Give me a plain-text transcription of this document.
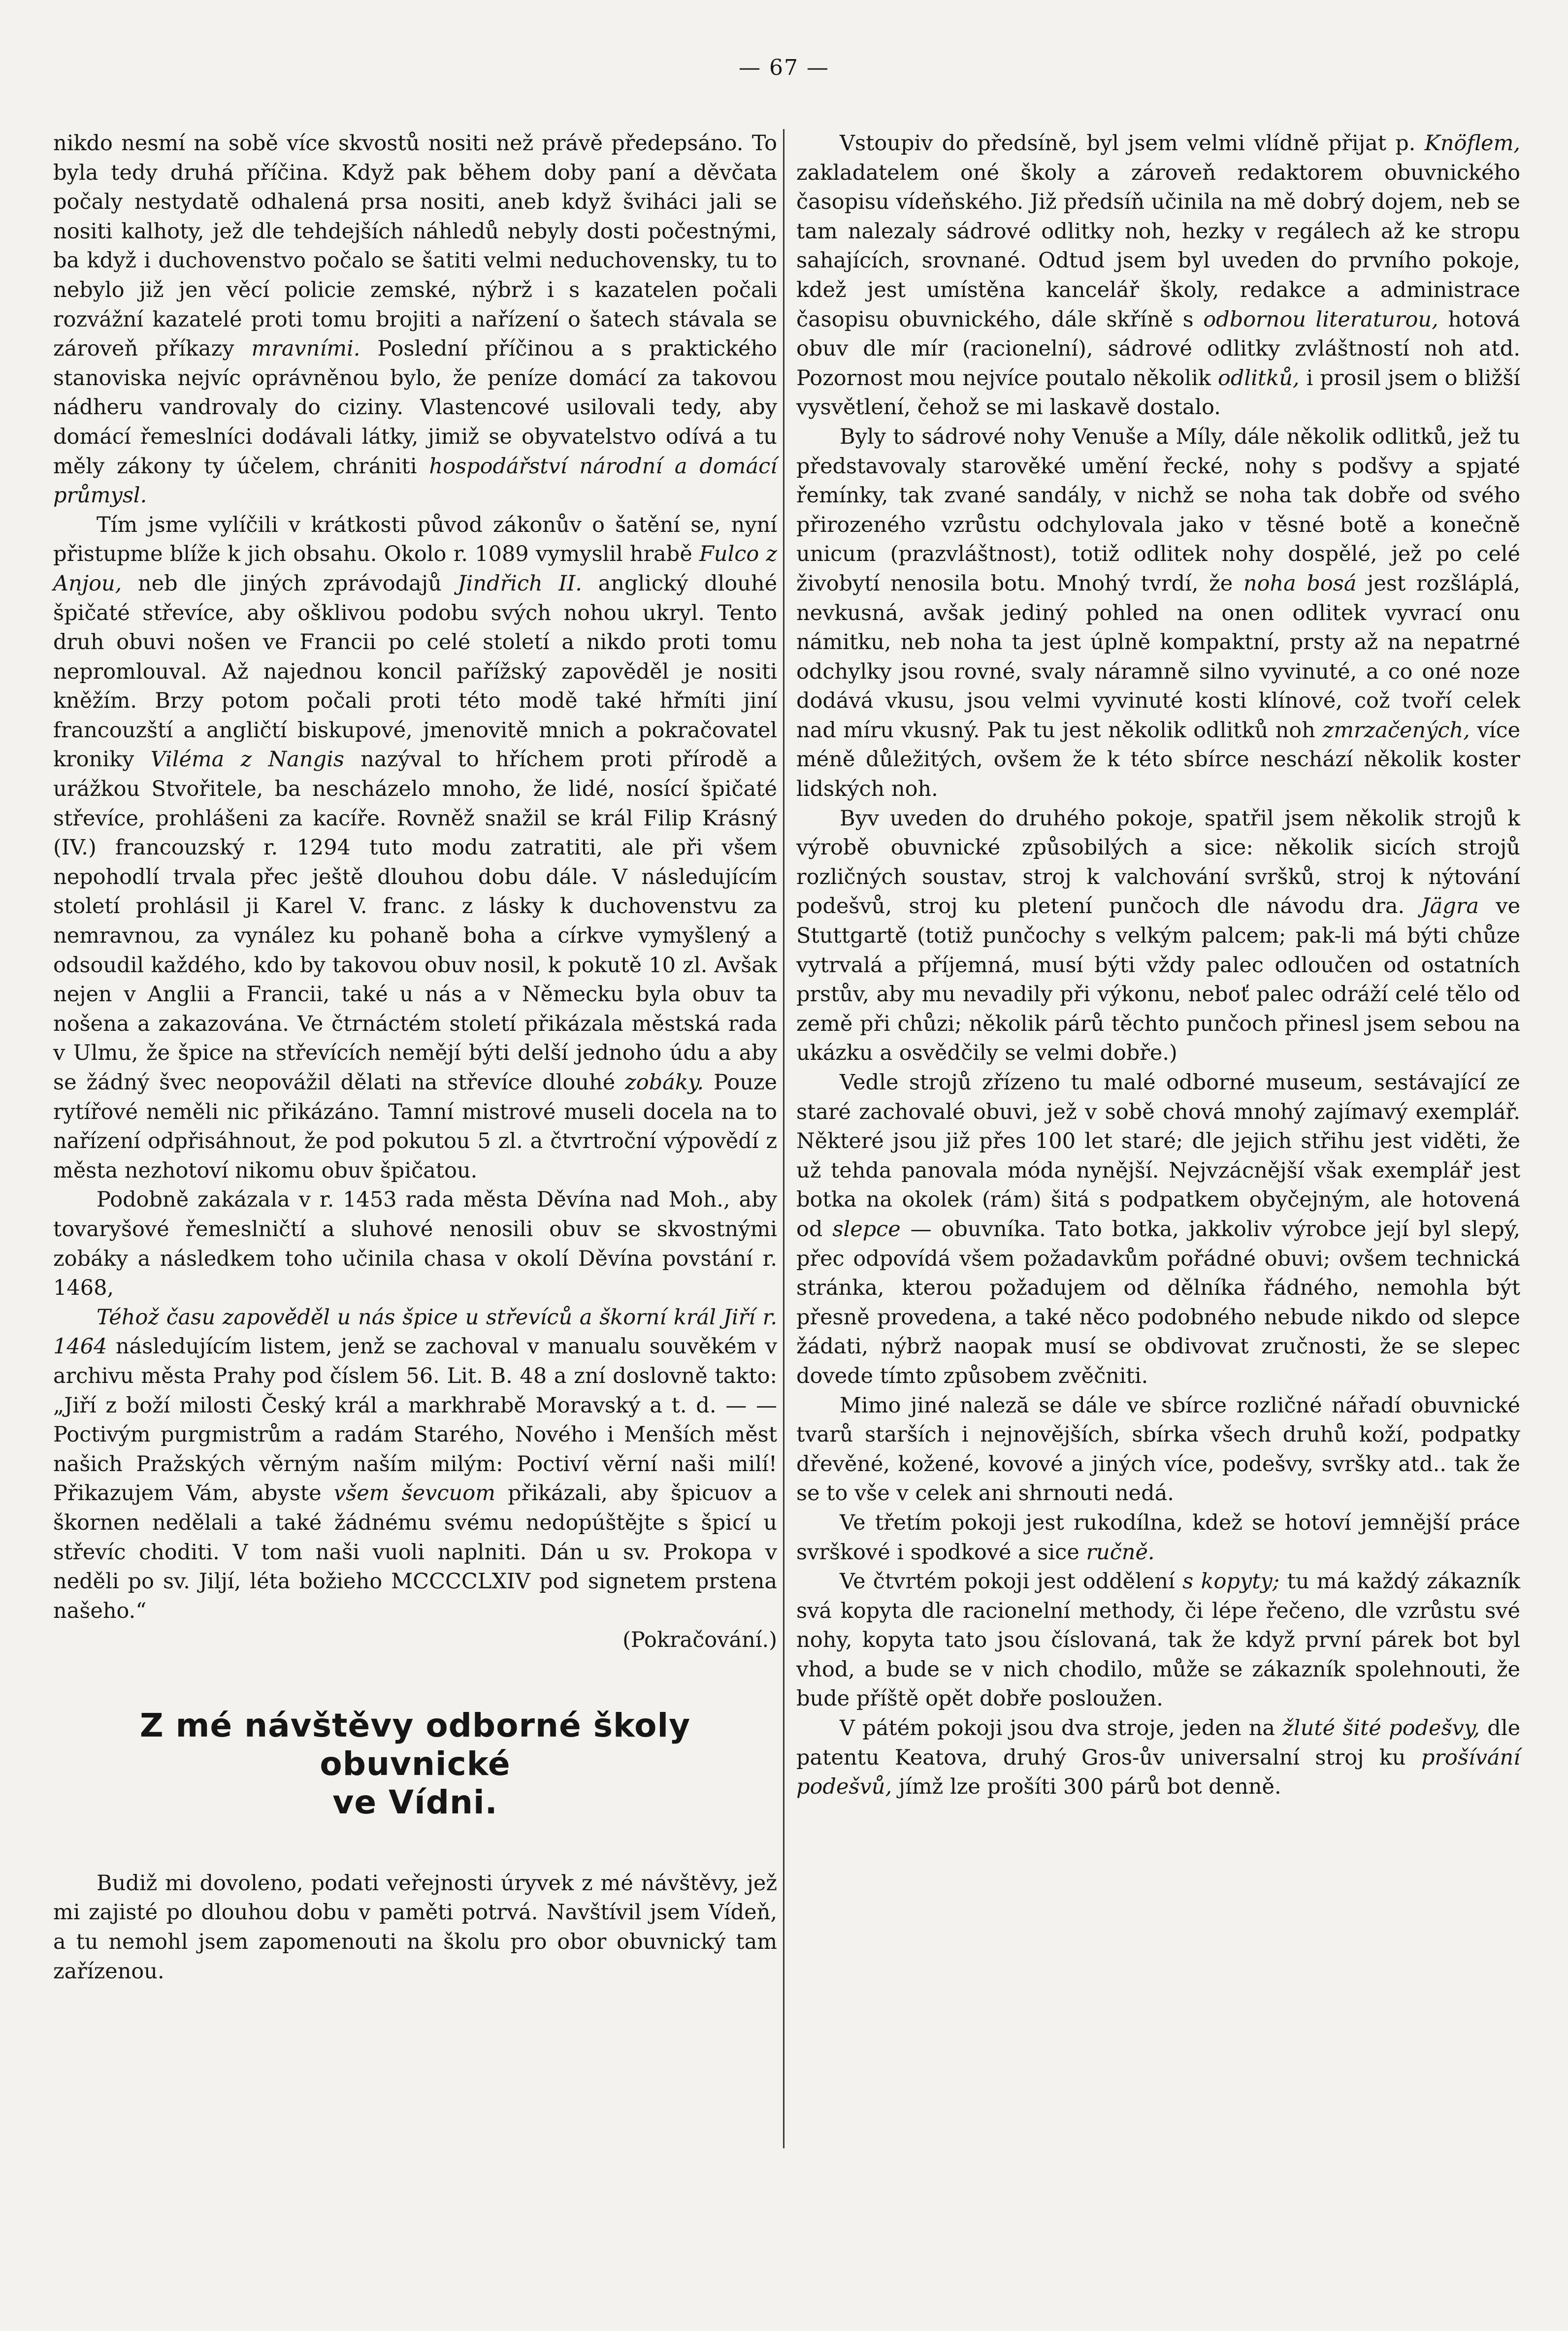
— 67 —

nikdo nesmí na sobě více skvostů nositi než právě předepsáno. To byla tedy druhá příčina. Když pak během doby paní a děvčata počaly nestydatě odhalená prsa nositi, aneb když šviháci jali se nositi kalhoty, jež dle tehdejších náhledů nebyly dosti počestnými, ba když i duchovenstvo počalo se šatiti velmi neduchovensky, tu to nebylo již jen věcí policie zemské, nýbrž i s kazatelen počali rozvážní kazatelé proti tomu brojiti a nařízení o šatech stávala se zároveň příkazy mravními. Poslední příčinou a s praktického stanoviska nejvíc oprávněnou bylo, že peníze domácí za takovou nádheru vandrovaly do ciziny. Vlastencové usilovali tedy, aby domácí řemeslníci dodávali látky, jimiž se obyvatelstvo odívá a tu měly zákony ty účelem, chrániti hospodářství národní a domácí průmysl.

Tím jsme vylíčili v krátkosti původ zákonův o šatění se, nyní přistupme blíže k jich obsahu. Okolo r. 1089 vymyslil hrabě Fulco z Anjou, neb dle jiných zprávodajů Jindřich II. anglický dlouhé špičaté střevíce, aby ošklivou podobu svých nohou ukryl. Tento druh obuvi nošen ve Francii po celé století a nikdo proti tomu nepromlouval. Až najednou koncil pařížský zapověděl je nositi kněžím. Brzy potom počali proti této modě také hřmíti jiní francouzští a angličtí biskupové, jmenovitě mnich a pokračovatel kroniky Viléma z Nangis nazýval to hříchem proti přírodě a urážkou Stvořitele, ba nescházelo mnoho, že lidé, nosící špičaté střevíce, prohlášeni za kacíře. Rovněž snažil se král Filip Krásný (IV.) francouzský r. 1294 tuto modu zatratiti, ale při všem nepohodlí trvala přec ještě dlouhou dobu dále. V následujícím století prohlásil ji Karel V. franc. z lásky k duchovenstvu za nemravnou, za vynález ku pohaně boha a církve vymyšlený a odsoudil každého, kdo by takovou obuv nosil, k pokutě 10 zl. Avšak nejen v Anglii a Francii, také u nás a v Německu byla obuv ta nošena a zakazována. Ve čtrnáctém století přikázala městská rada v Ulmu, že špice na střevících nemějí býti delší jednoho údu a aby se žádný švec neopovážil dělati na střevíce dlouhé zobáky. Pouze rytířové neměli nic přikázáno. Tamní mistrové museli docela na to nařízení odpřisáhnout, že pod pokutou 5 zl. a čtvrtroční výpovědí z města nezhotoví nikomu obuv špičatou.

Podobně zakázala v r. 1453 rada města Děvína nad Moh., aby tovaryšové řemeslničtí a sluhové nenosili obuv se skvostnými zobáky a následkem toho učinila chasa v okolí Děvína povstání r. 1468,

Téhož času zapověděl u nás špice u střevíců a škorní král Jiří r. 1464 následujícím listem, jenž se zachoval v manualu souvěkém v archivu města Prahy pod číslem 56. Lit. B. 48 a zní doslovně takto: „Jiří z boží milosti Český král a markhrabě Moravský a t. d. — — Poctivým purgmistrům a radám Starého, Nového i Menších měst našich Pražských věrným naším milým: Poctiví věrní naši milí! Přikazujem Vám, abyste všem ševcuom přikázali, aby špicuov a škornen nedělali a také žádnému svému nedopúštějte s špicí u střevíc choditi. V tom naši vuoli naplniti. Dán u sv. Prokopa v neděli po sv. Jiljí, léta božieho MCCCCLXIV pod signetem prstena našeho.“
(Pokračování.)

Z mé návštěvy odborné školy obuvnické
ve Vídni.

Budiž mi dovoleno, podati veřejnosti úryvek z mé návštěvy, jež mi zajisté po dlouhou dobu v paměti potrvá. Navštívil jsem Vídeň, a tu nemohl jsem zapomenouti na školu pro obor obuvnický tam zařízenou.

Vstoupiv do předsíně, byl jsem velmi vlídně přijat p. Knöflem, zakladatelem oné školy a zároveň redaktorem obuvnického časopisu vídeňského. Již předsíň učinila na mě dobrý dojem, neb se tam nalezaly sádrové odlitky noh, hezky v regálech až ke stropu sahajících, srovnané. Odtud jsem byl uveden do prvního pokoje, kdež jest umístěna kancelář školy, redakce a administrace časopisu obuvnického, dále skříně s odbornou literaturou, hotová obuv dle mír (racionelní), sádrové odlitky zvláštností noh atd. Pozornost mou nejvíce poutalo několik odlitků, i prosil jsem o bližší vysvětlení, čehož se mi laskavě dostalo.

Byly to sádrové nohy Venuše a Míly, dále několik odlitků, jež tu představovaly starověké umění řecké, nohy s podšvy a spjaté řemínky, tak zvané sandály, v nichž se noha tak dobře od svého přirozeného vzrůstu odchylovala jako v těsné botě a konečně unicum (prazvláštnost), totiž odlitek nohy dospělé, jež po celé živobytí nenosila botu. Mnohý tvrdí, že noha bosá jest rozšláplá, nevkusná, avšak jediný pohled na onen odlitek vyvrací onu námitku, neb noha ta jest úplně kompaktní, prsty až na nepatrné odchylky jsou rovné, svaly náramně silno vyvinuté, a co oné noze dodává vkusu, jsou velmi vyvinuté kosti klínové, což tvoří celek nad míru vkusný. Pak tu jest několik odlitků noh zmrzačených, více méně důležitých, ovšem že k této sbírce neschází několik koster lidských noh.

Byv uveden do druhého pokoje, spatřil jsem několik strojů k výrobě obuvnické způsobilých a sice: několik sicích strojů rozličných soustav, stroj k valchování svršků, stroj k nýtování podešvů, stroj ku pletení punčoch dle návodu dra. Jägra ve Stuttgartě (totiž punčochy s velkým palcem; pak-li má býti chůze vytrvalá a příjemná, musí býti vždy palec odloučen od ostatních prstův, aby mu nevadily při výkonu, neboť palec odráží celé tělo od země při chůzi; několik párů těchto punčoch přinesl jsem sebou na ukázku a osvědčily se velmi dobře.)

Vedle strojů zřízeno tu malé odborné museum, sestávající ze staré zachovalé obuvi, jež v sobě chová mnohý zajímavý exemplář. Některé jsou již přes 100 let staré; dle jejich střihu jest viděti, že už tehda panovala móda nynější. Nejvzácnější však exemplář jest botka na okolek (rám) šitá s podpatkem obyčejným, ale hotovená od slepce — obuvníka. Tato botka, jakkoliv výrobce její byl slepý, přec odpovídá všem požadavkům pořádné obuvi; ovšem technická stránka, kterou požadujem od dělníka řádného, nemohla být přesně provedena, a také něco podobného nebude nikdo od slepce žádati, nýbrž naopak musí se obdivovat zručnosti, že se slepec dovede tímto způsobem zvěčniti.

Mimo jiné naleză se dále ve sbírce rozličné nářadí obuvnické tvarů starších i nejnovějších, sbírka všech druhů koží, podpatky dřevěné, kožené, kovové a jiných více, podešvy, svršky atd.. tak že se to vše v celek ani shrnouti nedá.

Ve třetím pokoji jest rukodílna, kdež se hotoví jemnější práce svrškové i spodkové a sice ručně.

Ve čtvrtém pokoji jest oddělení s kopyty; tu má každý zákazník svá kopyta dle racionelní methody, či lépe řečeno, dle vzrůstu své nohy, kopyta tato jsou číslovaná, tak že když první párek bot byl vhod, a bude se v nich chodilo, může se zákazník spolehnouti, že bude příště opět dobře posloužen.

V pátém pokoji jsou dva stroje, jeden na žluté šité podešvy, dle patentu Keatova, druhý Gros-ův universalní stroj ku prošívání podešvů, jímž lze prošíti 300 párů bot denně.
